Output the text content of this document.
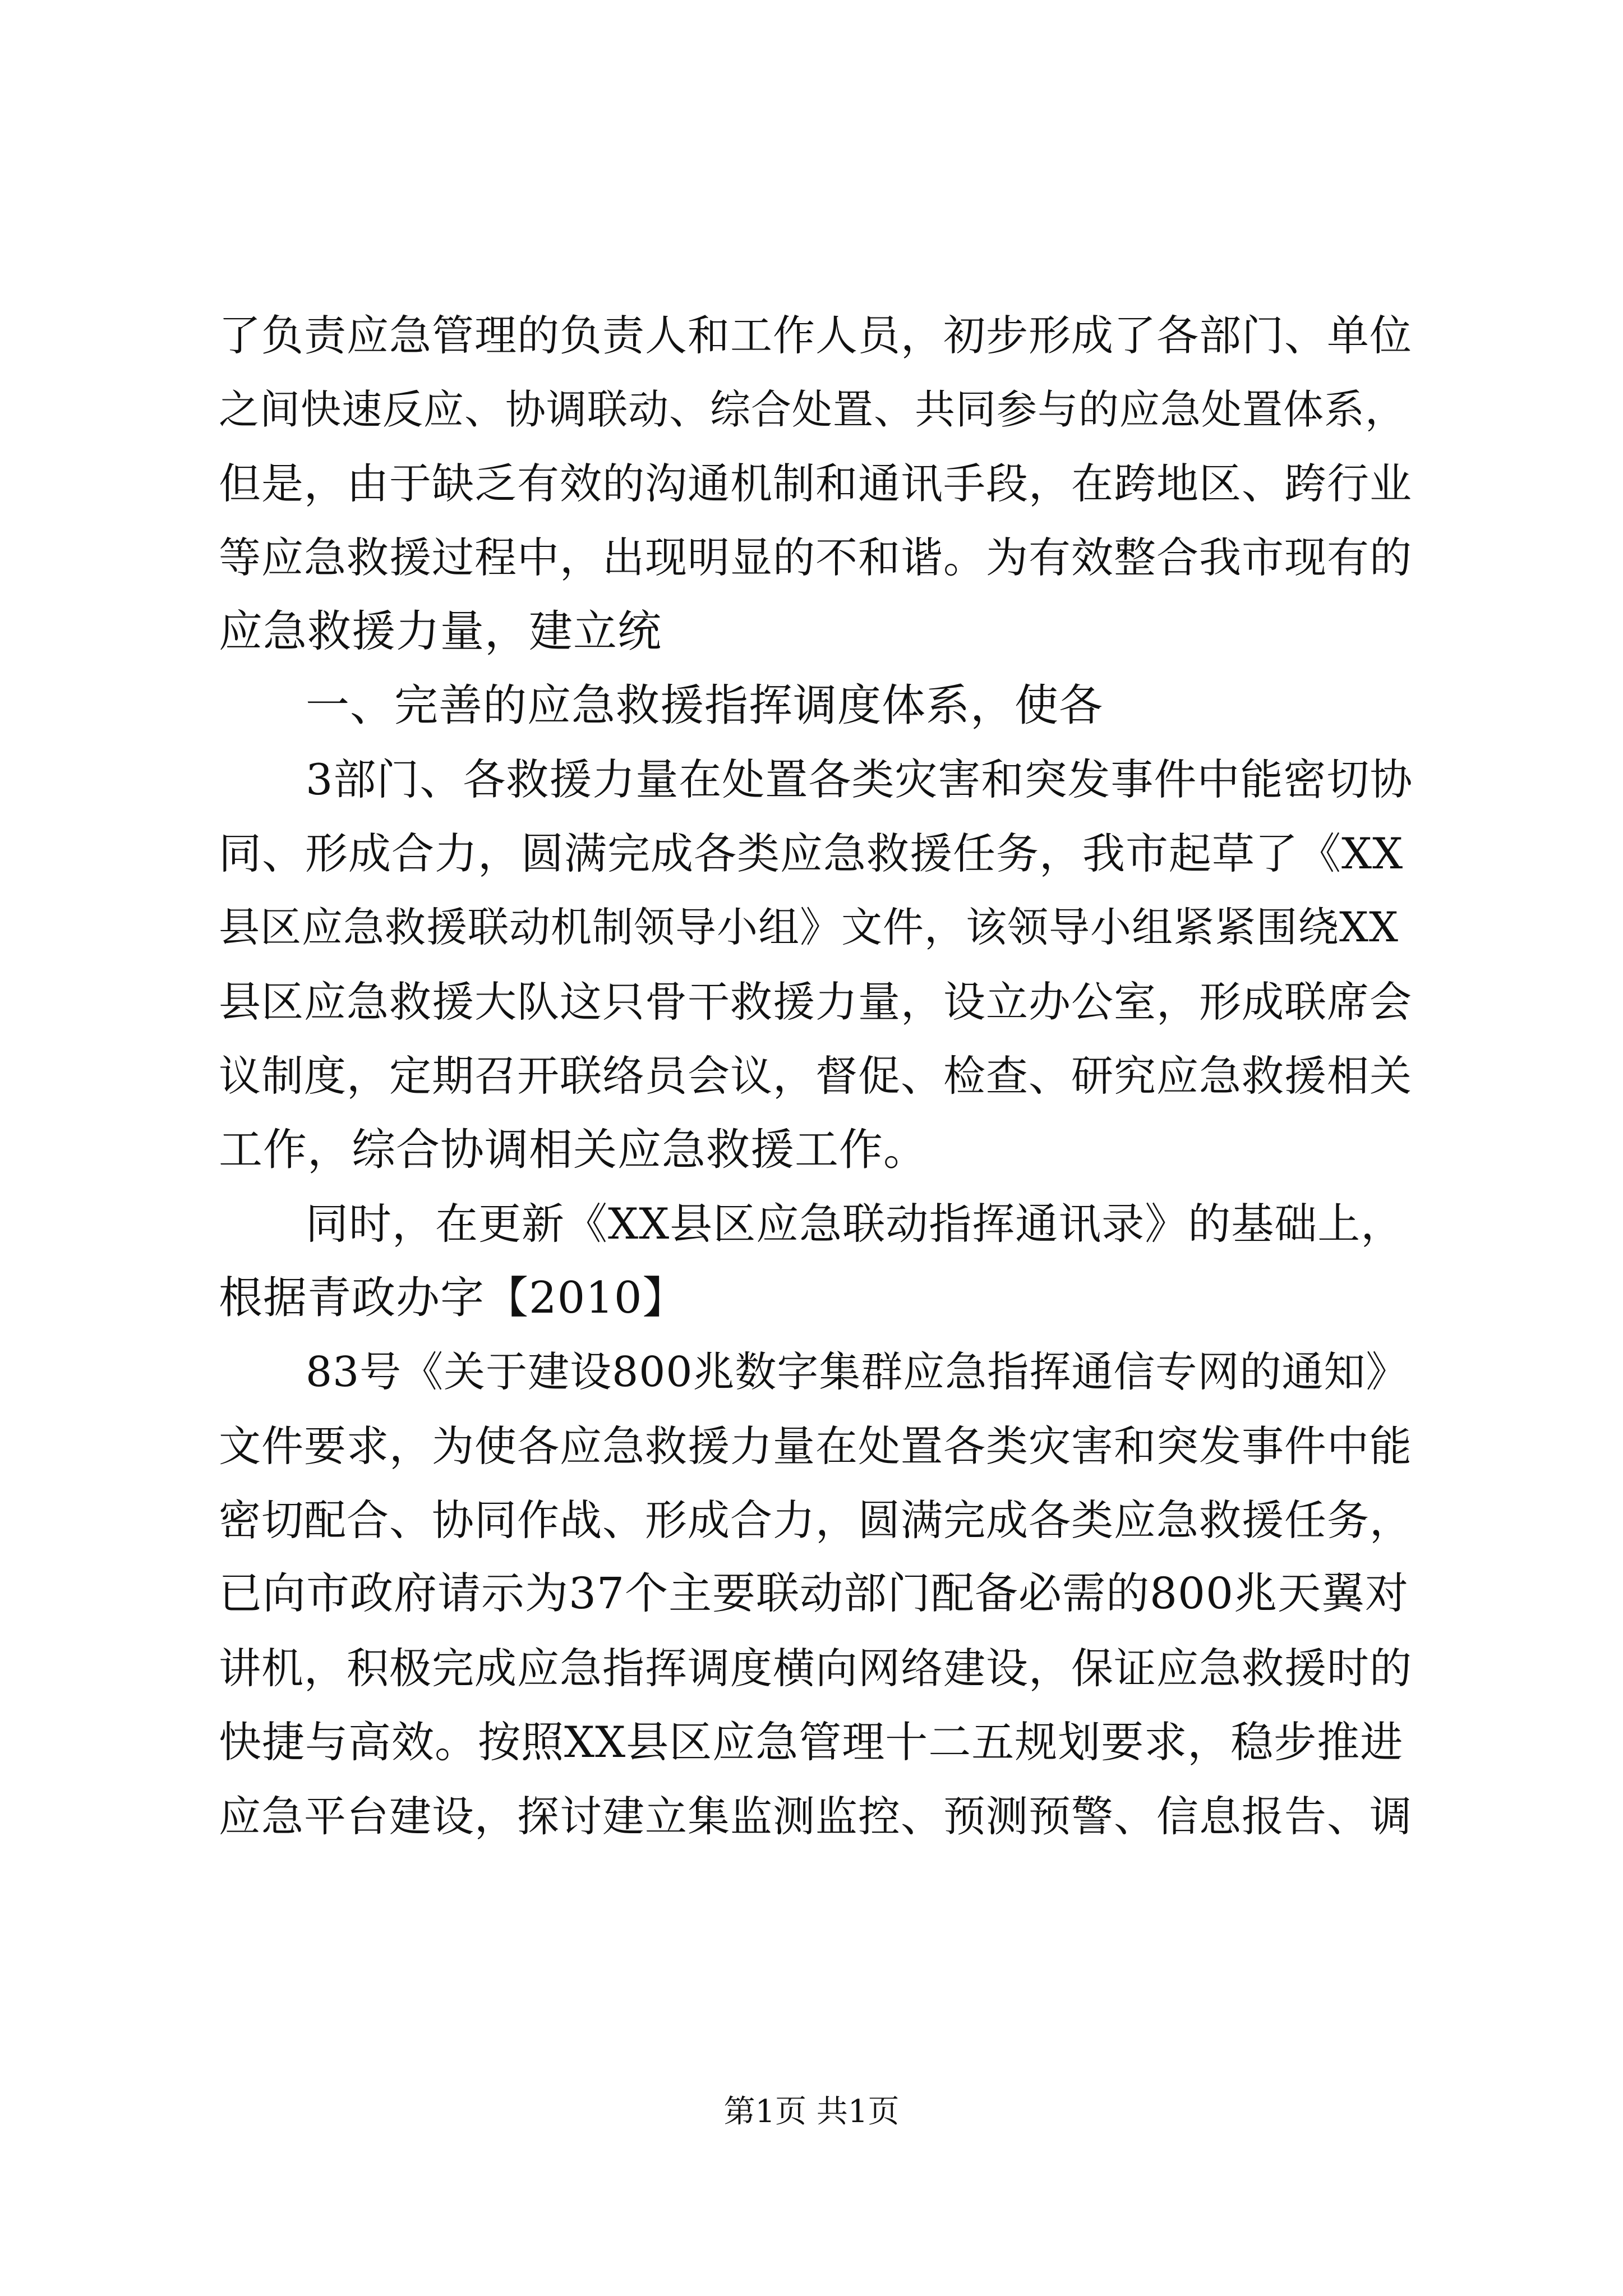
了负责应急管理的负责人和工作人员，初步形成了各部门、单位
之间快速反应、协调联动、综合处置、共同参与的应急处置体系，
但是，由于缺乏有效的沟通机制和通讯手段，在跨地区、跨行业
等应急救援过程中，出现明显的不和谐。为有效整合我市现有的
应急救援力量，建立统
一、完善的应急救援指挥调度体系，使各
3部门、各救援力量在处置各类灾害和突发事件中能密切协
同、形成合力，圆满完成各类应急救援任务，我市起草了《XX
县区应急救援联动机制领导小组》文件，该领导小组紧紧围绕XX
县区应急救援大队这只骨干救援力量，设立办公室，形成联席会
议制度，定期召开联络员会议，督促、检查、研究应急救援相关
工作，综合协调相关应急救援工作。
同时，在更新《XX县区应急联动指挥通讯录》的基础上，
根据青政办字【2010】
83号《关于建设800兆数字集群应急指挥通信专网的通知》
文件要求，为使各应急救援力量在处置各类灾害和突发事件中能
密切配合、协同作战、形成合力，圆满完成各类应急救援任务，
已向市政府请示为37个主要联动部门配备必需的800兆天翼对
讲机，积极完成应急指挥调度横向网络建设，保证应急救援时的
快捷与高效。按照XX县区应急管理十二五规划要求，稳步推进
应急平台建设，探讨建立集监测监控、预测预警、信息报告、调
第1页 共1页
